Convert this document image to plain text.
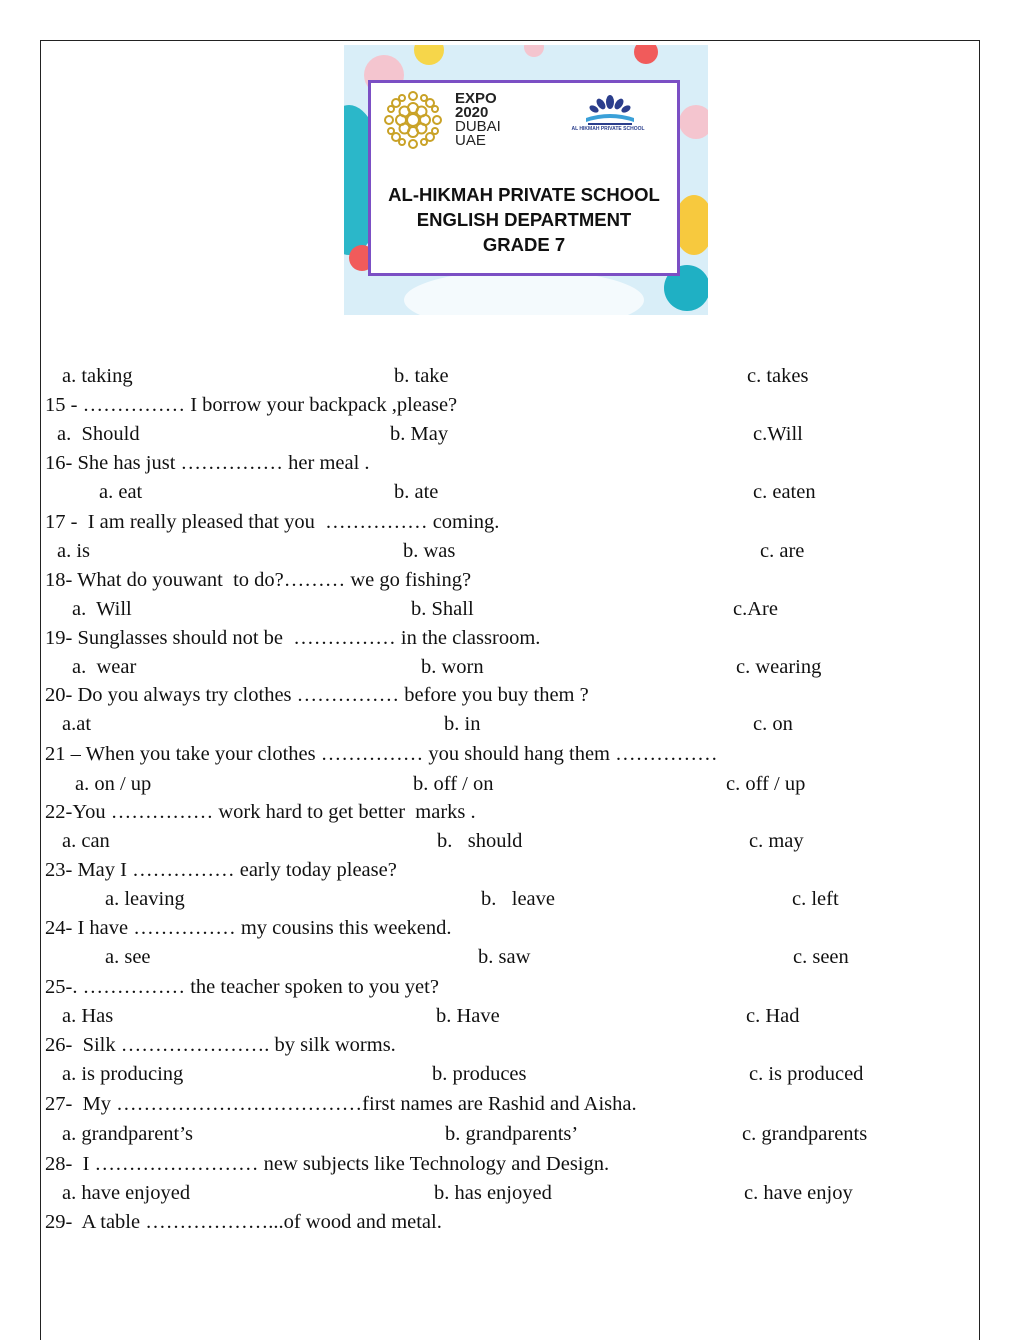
AL-HIKMAH PRIVATE SCHOOL
ENGLISH DEPARTMENT
GRADE 7
EXPO
2020
DUBAI
UAE
AL HIKMAH PRIVATE SCHOOL
a. taking	b. take	c. takes
15 - …………… I borrow your backpack ,please?
a.  Should	b. May	c.Will
16- She has just …………… her meal .
a. eat	b. ate	c. eaten
17 -  I am really pleased that you  …………… coming.
a. is	b. was	c. are
18- What do youwant  to do?……… we go fishing?
a.  Will	b. Shall	c.Are
19- Sunglasses should not be  …………… in the classroom.
a.  wear	b. worn	c. wearing
20- Do you always try clothes …………… before you buy them ?
a.at	b. in	c. on
21 – When you take your clothes …………… you should hang them ……………
a. on / up	b. off / on	c. off / up
22-You …………… work hard to get better  marks .
a. can	b.   should	c. may
23- May I …………… early today please?
a. leaving	b.   leave	c. left
24- I have …………… my cousins this weekend.
a. see	b. saw	c. seen
25-. …………… the teacher spoken to you yet?
a. Has	b. Have	c. Had
26-  Silk …………………. by silk worms.
a. is producing	b. produces	c. is produced
27-  My ………………………………first names are Rashid and Aisha.
a. grandparent’s	b. grandparents’	c. grandparents
28-  I …………………… new subjects like Technology and Design.
a. have enjoyed	b. has enjoyed	c. have enjoy
29-  A table ………………...of wood and metal.
